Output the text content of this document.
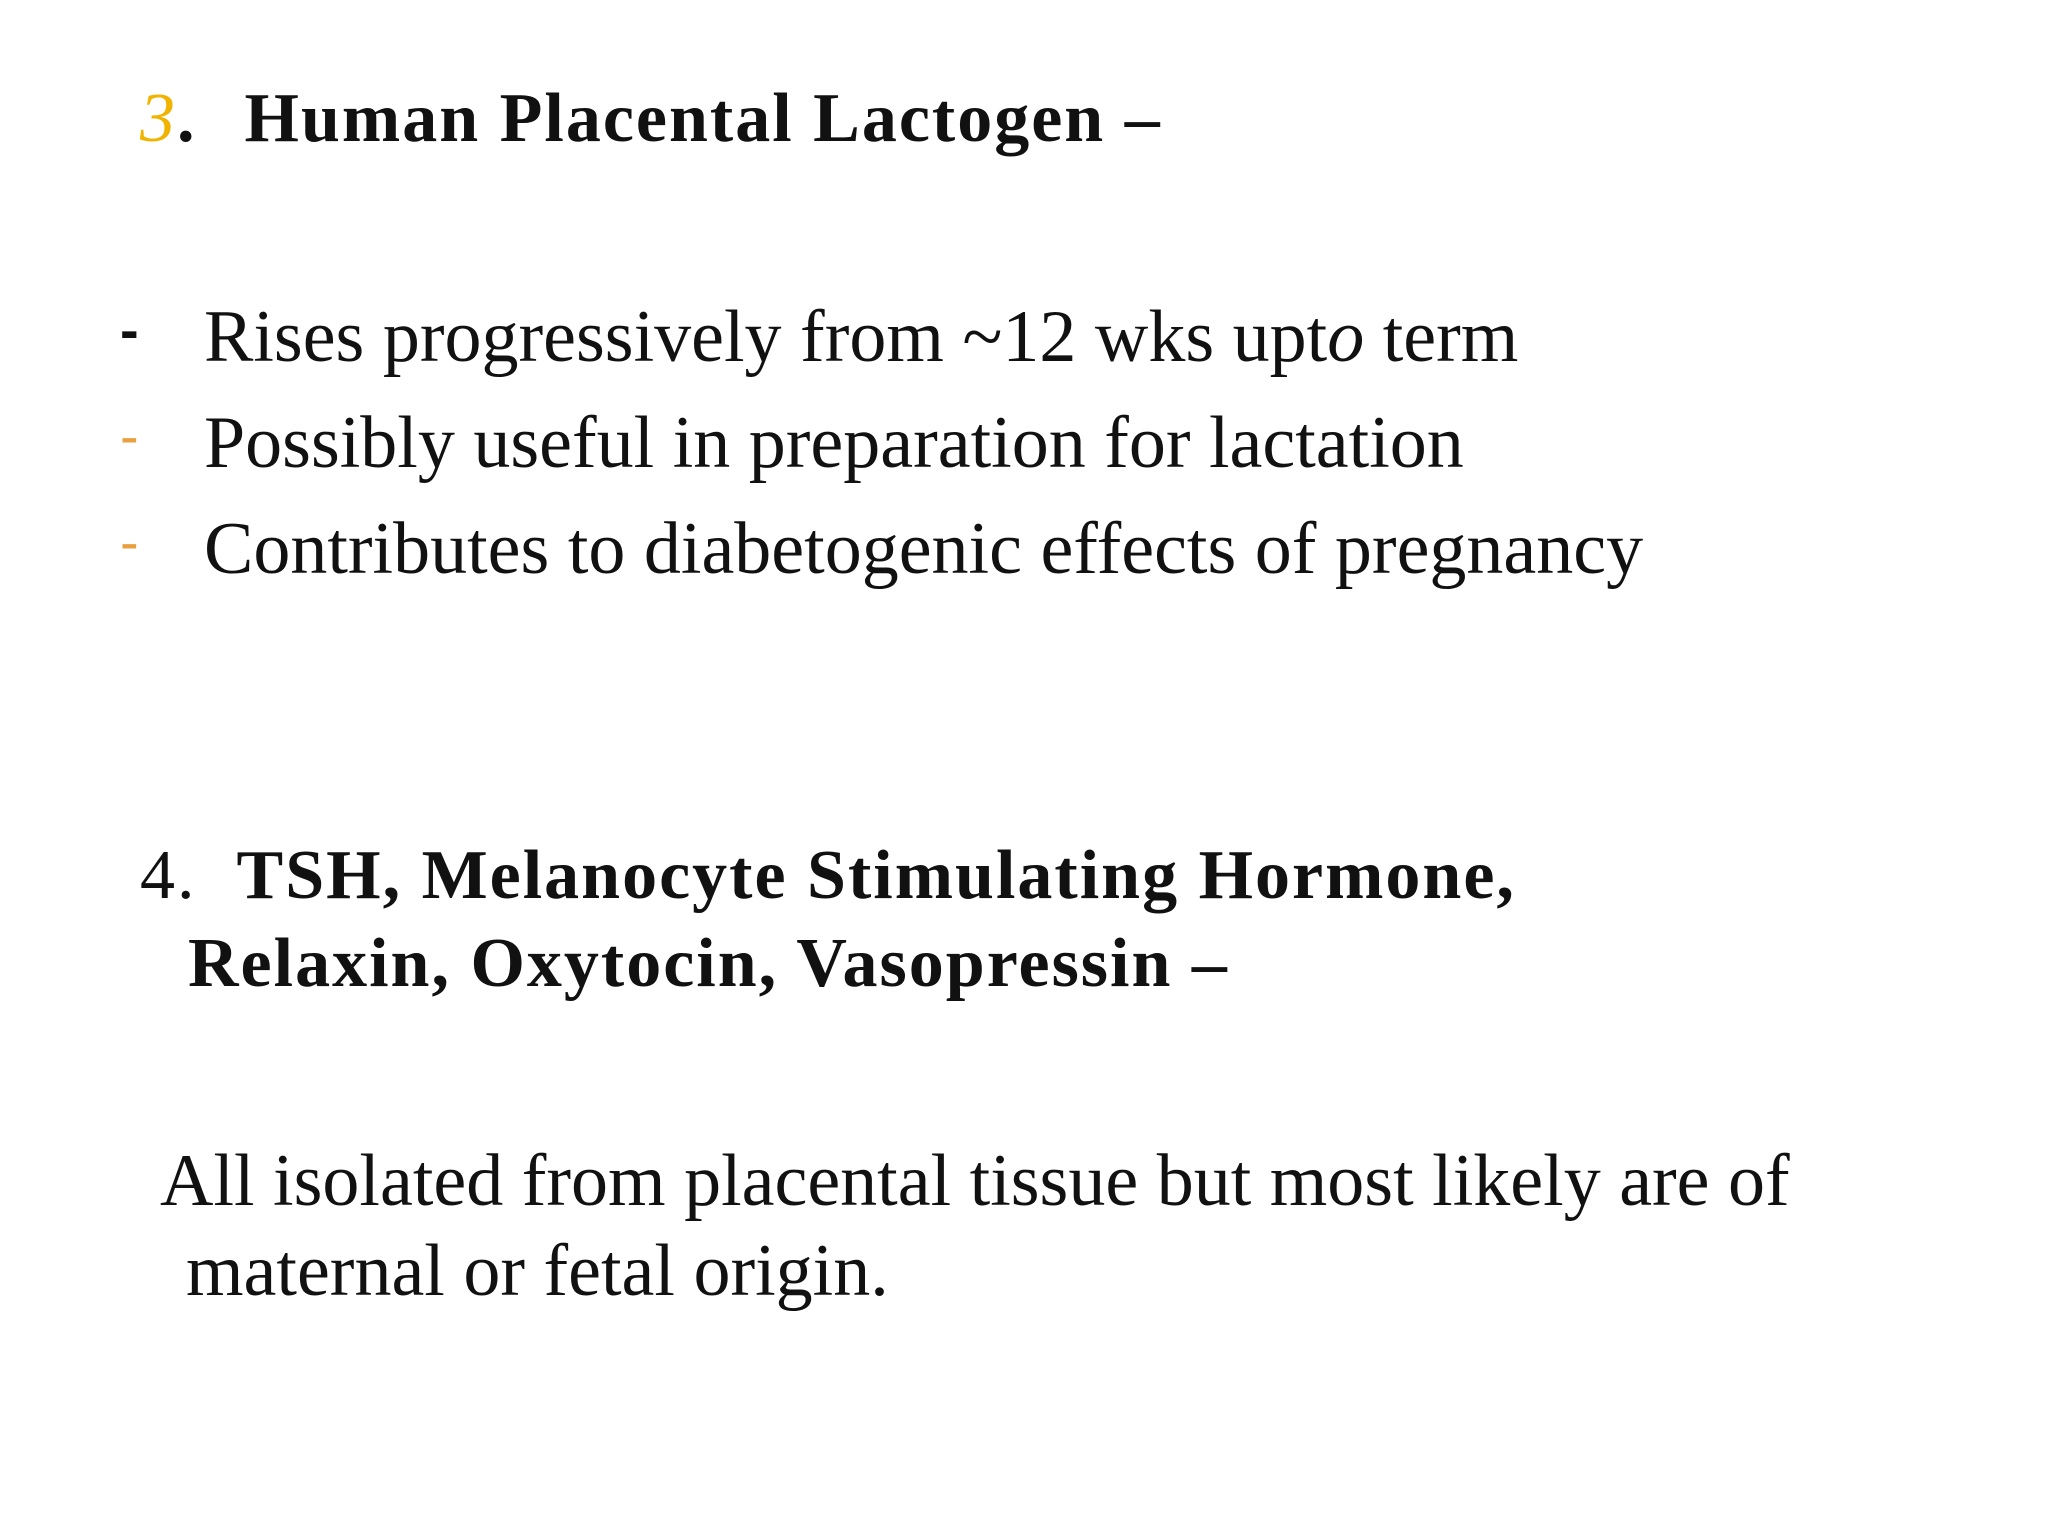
3. Human Placental Lactogen –
- Rises progressively from ~12 wks upto term
- Possibly useful in preparation for lactation
- Contributes to diabetogenic effects of pregnancy
4. TSH, Melanocyte Stimulating Hormone,
Relaxin, Oxytocin, Vasopressin –
All isolated from placental tissue but most likely are of
maternal or fetal origin.
